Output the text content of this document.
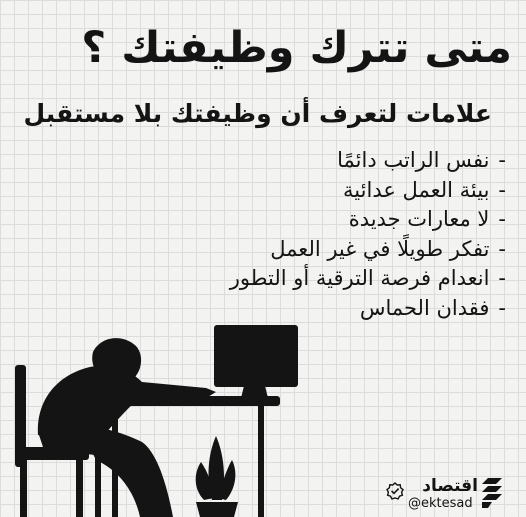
متى تترك وظيفتك ؟
علامات لتعرف أن وظيفتك بلا مستقبل
-نفس الراتب دائمًا
-بيئة العمل عدائية
-لا معارات جديدة
-تفكر طويلًا في غير العمل
-انعدام فرصة الترقية أو التطور
-فقدان الحماس
اقتصاد
@ektesad
